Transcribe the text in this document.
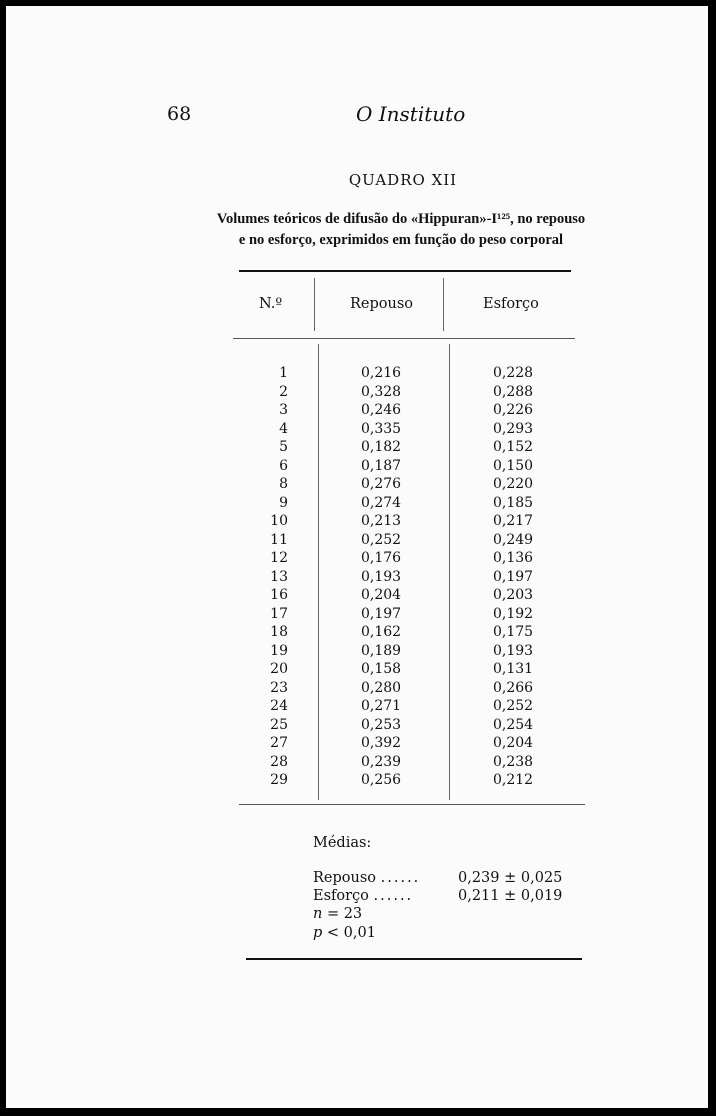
68	O Instituto
QUADRO XII
Volumes teóricos de difusão do «Hippuran»-I¹²⁵, no repouso
e no esforço, exprimidos em função do peso corporal
N.º	Repouso	Esforço
1	0,216	0,228
2	0,328	0,288
3	0,246	0,226
4	0,335	0,293
5	0,182	0,152
6	0,187	0,150
8	0,276	0,220
9	0,274	0,185
10	0,213	0,217
11	0,252	0,249
12	0,176	0,136
13	0,193	0,197
16	0,204	0,203
17	0,197	0,192
18	0,162	0,175
19	0,189	0,193
20	0,158	0,131
23	0,280	0,266
24	0,271	0,252
25	0,253	0,254
27	0,392	0,204
28	0,239	0,238
29	0,256	0,212
Médias:
Repouso ......	0,239 ± 0,025
Esforço ......	0,211 ± 0,019
n = 23
p < 0,01
